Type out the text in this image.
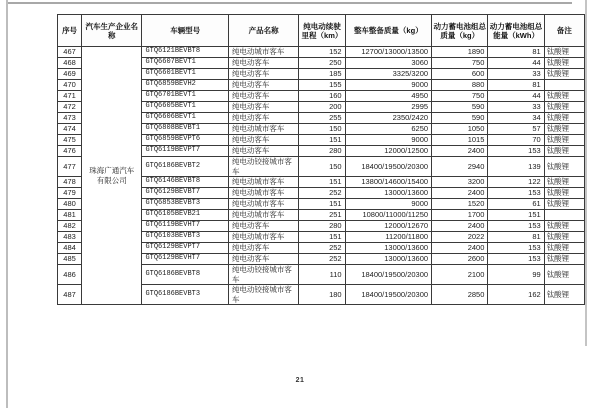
序号	汽车生产企业名称	车辆型号	产品名称	纯电动续驶里程（km）	整车整备质量（kg）	动力蓄电池组总质量（kg）	动力蓄电池组总能量（kWh）	备注
467	珠海广通汽车有限公司	GTQ6121BEVBT8	纯电动城市客车	152	12700/13000/13500	1890	81	钛酸锂
468		GTQ6607BEVT1	纯电动客车	250	3060	750	44	钛酸锂
469		GTQ6601BEVT1	纯电动客车	185	3325/3200	600	33	钛酸锂
470		GTQ6859BEVH2	纯电动客车	155	9000	880	81	
471		GTQ6701BEVT1	纯电动客车	160	4950	750	44	钛酸锂
472		GTQ6605BEVT1	纯电动客车	200	2995	590	33	钛酸锂
473		GTQ6606BEVT1	纯电动客车	255	2350/2420	590	34	钛酸锂
474		GTQ6808BEVBT1	纯电动城市客车	150	6250	1050	57	钛酸锂
475		GTQ6859BEVPT6	纯电动客车	151	9000	1015	70	钛酸锂
476		GTQ6119BEVPT7	纯电动客车	280	12000/12500	2400	153	钛酸锂
477		GTQ6186BEVBT2	纯电动铰接城市客车	150	18400/19500/20300	2940	139	钛酸锂
478		GTQ6146BEVBT8	纯电动城市客车	151	13800/14600/15400	3200	122	钛酸锂
479		GTQ6129BEVBT7	纯电动城市客车	252	13000/13600	2400	153	钛酸锂
480		GTQ6853BEVBT3	纯电动城市客车	151	9000	1520	61	钛酸锂
481		GTQ6105BEVB21	纯电动城市客车	251	10800/11000/11250	1700	151	
482		GTQ6119BEVHT7	纯电动客车	280	12000/12670	2400	153	钛酸锂
483		GTQ6103BEVBT3	纯电动城市客车	151	11200/11800	2022	81	钛酸锂
484		GTQ6129BEVPT7	纯电动客车	252	13000/13600	2400	153	钛酸锂
485		GTQ6129BEVHT7	纯电动客车	252	13000/13600	2600	153	钛酸锂
486		GTQ6186BEVBT8	纯电动铰接城市客车	110	18400/19500/20300	2100	99	钛酸锂
487		GTQ6186BEVBT3	纯电动铰接城市客车	180	18400/19500/20300	2850	162	钛酸锂
21
